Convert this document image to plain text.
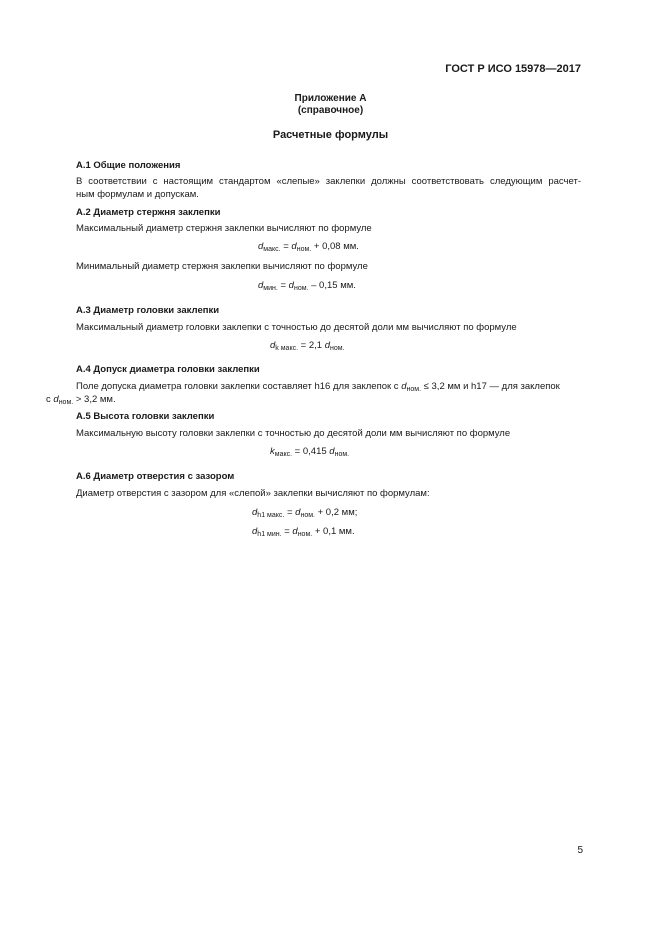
ГОСТ Р ИСО 15978—2017
Приложение А
(справочное)
Расчетные формулы
А.1 Общие положения
В соответствии с настоящим стандартом «слепые» заклепки должны соответствовать следующим расчет-
ным формулам и допускам.
А.2 Диаметр стержня заклепки
Максимальный диаметр стержня заклепки вычисляют по формуле
$d_{макс.} = d_{ном.} + 0,08$ мм.
Минимальный диаметр стержня заклепки вычисляют по формуле
$d_{мин.} = d_{ном.} - 0,15$ мм.
А.3 Диаметр головки заклепки
Максимальный диаметр головки заклепки с точностью до десятой доли мм вычисляют по формуле
$d_{k макс.} = 2,1$ $d_{ном.}$
А.4 Допуск диаметра головки заклепки
Поле допуска диаметра головки заклепки составляет h16 для заклепок с $d_{ном.} \le 3,2$ мм и h17 — для заклепок
с $d_{ном.} > 3,2$ мм.
А.5 Высота головки заклепки
Максимальную высоту головки заклепки с точностью до десятой доли мм вычисляют по формуле
$k_{макс.} = 0,415$ $d_{ном.}$
А.6 Диаметр отверстия с зазором
Диаметр отверстия с зазором для «слепой» заклепки вычисляют по формулам:
$d_{h1 макс.} = d_{ном.} + 0,2$ мм;
$d_{h1 мин.} = d_{ном.} + 0,1$ мм.
5
